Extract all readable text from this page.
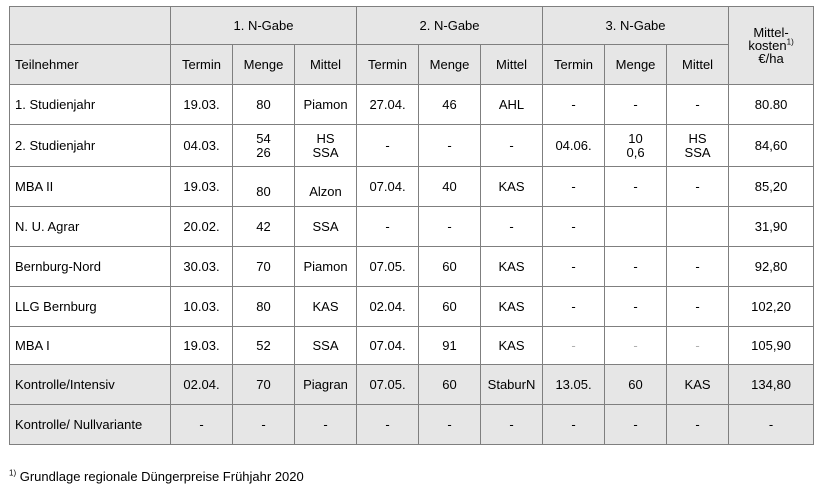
	1. N-Gabe			2. N-Gabe			3. N-Gabe			Mittel-
kosten$^{1)}$
€/ha
Teilnehmer	Termin	Menge	Mittel	Termin	Menge	Mittel	Termin	Menge	Mittel	
1. Studienjahr	19.03.	80	Piamon	27.04.	46	AHL	-	-	-	80.80
2. Studienjahr	04.03.	54
26	HS
SSA	-	-	-	04.06.	10
0,6	HS
SSA	84,60
MBA II	19.03.	80	Alzon	07.04.	40	KAS	-	-	-	85,20
N. U. Agrar	20.02.	42	SSA	-	-	-	-			31,90
Bernburg-Nord	30.03.	70	Piamon	07.05.	60	KAS	-	-	-	92,80
LLG Bernburg	10.03.	80	KAS	02.04.	60	KAS	-	-	-	102,20
MBA I	19.03.	52	SSA	07.04.	91	KAS	-	-	-	105,90
Kontrolle/Intensiv	02.04.	70	Piagran	07.05.	60	StaburN	13.05.	60	KAS	134,80
Kontrolle/ Nullvariante	-	-	-	-	-	-	-	-	-	-
$^{1)}$ Grundlage regionale Düngerpreise Frühjahr 2020
